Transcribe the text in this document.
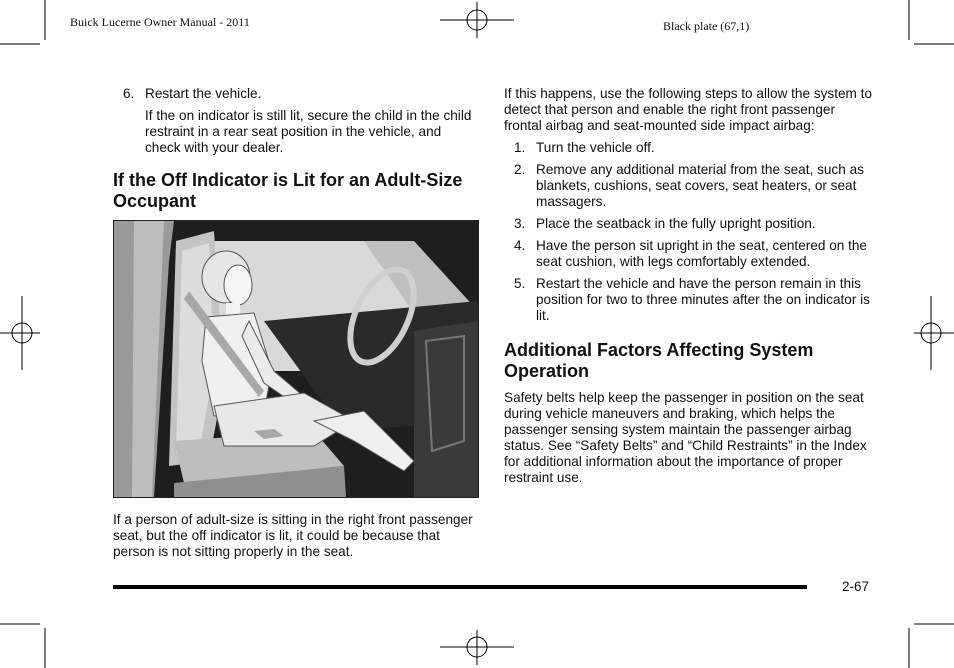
Buick Lucerne Owner Manual - 2011	Black plate (67,1)
6. Restart the vehicle.

If the on indicator is still lit, secure the child in the child restraint in a rear seat position in the vehicle, and check with your dealer.

If the Off Indicator is Lit for an Adult-Size Occupant

If a person of adult-size is sitting in the right front passenger seat, but the off indicator is lit, it could be because that person is not sitting properly in the seat.

If this happens, use the following steps to allow the system to detect that person and enable the right front passenger frontal airbag and seat-mounted side impact airbag:

1. Turn the vehicle off.
2. Remove any additional material from the seat, such as blankets, cushions, seat covers, seat heaters, or seat massagers.
3. Place the seatback in the fully upright position.
4. Have the person sit upright in the seat, centered on the seat cushion, with legs comfortably extended.
5. Restart the vehicle and have the person remain in this position for two to three minutes after the on indicator is lit.
Additional Factors Affecting System Operation

Safety belts help keep the passenger in position on the seat during vehicle maneuvers and braking, which helps the passenger sensing system maintain the passenger airbag status. See “Safety Belts” and “Child Restraints” in the Index for additional information about the importance of proper restraint use.

2-67
